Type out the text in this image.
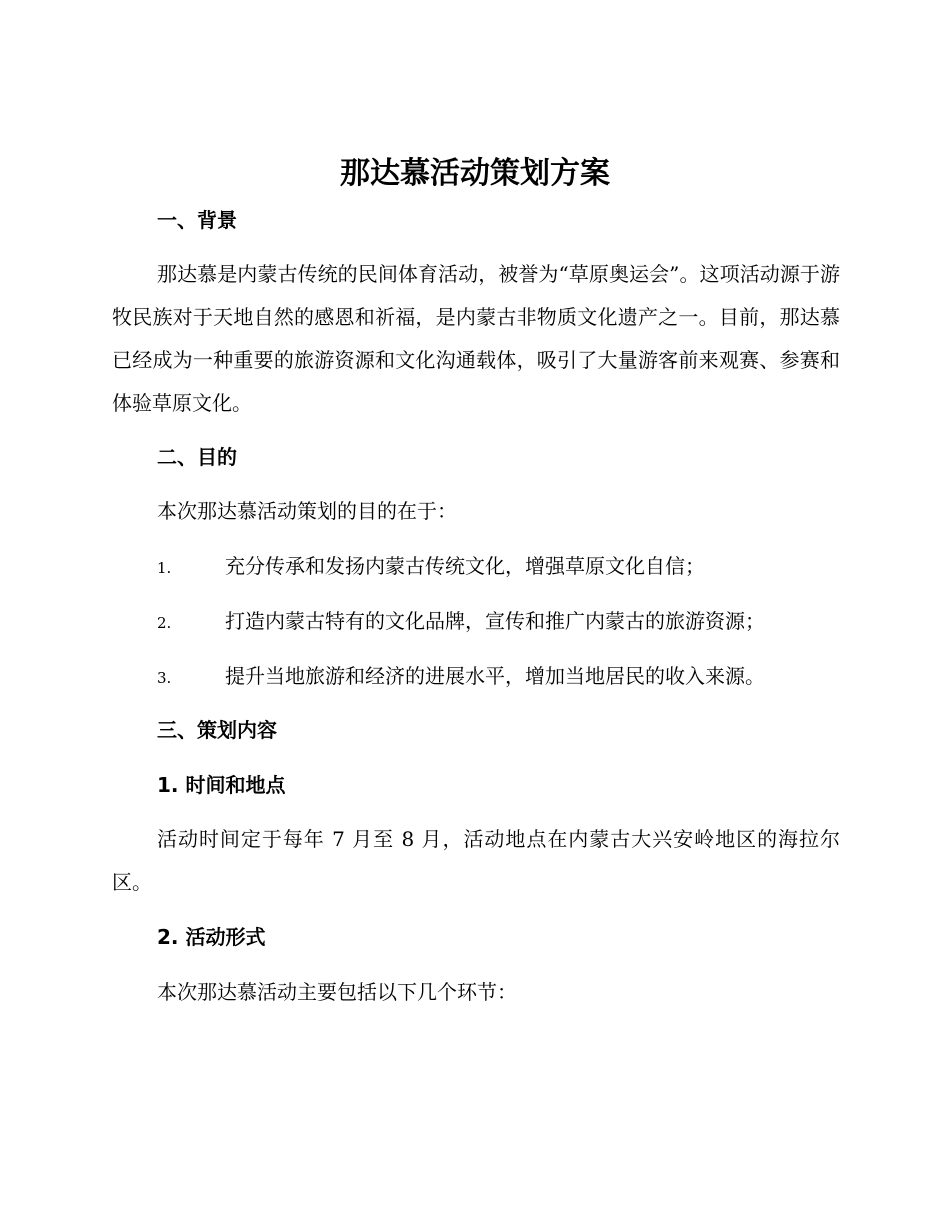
那达慕活动策划方案
一、背景

那达慕是内蒙古传统的民间体育活动，被誉为“草原奥运会”。这项活动源于游牧民族对于天地自然的感恩和祈福，是内蒙古非物质文化遗产之一。目前，那达慕已经成为一种重要的旅游资源和文化沟通载体，吸引了大量游客前来观赛、参赛和体验草原文化。

二、目的

本次那达慕活动策划的目的在于：

1.	充分传承和发扬内蒙古传统文化，增强草原文化自信；
2.	打造内蒙古特有的文化品牌，宣传和推广内蒙古的旅游资源；
3.	提升当地旅游和经济的进展水平，增加当地居民的收入来源。
三、策划内容
1. 时间和地点

活动时间定于每年 7 月至 8 月，活动地点在内蒙古大兴安岭地区的海拉尔区。

2. 活动形式

本次那达慕活动主要包括以下几个环节：
